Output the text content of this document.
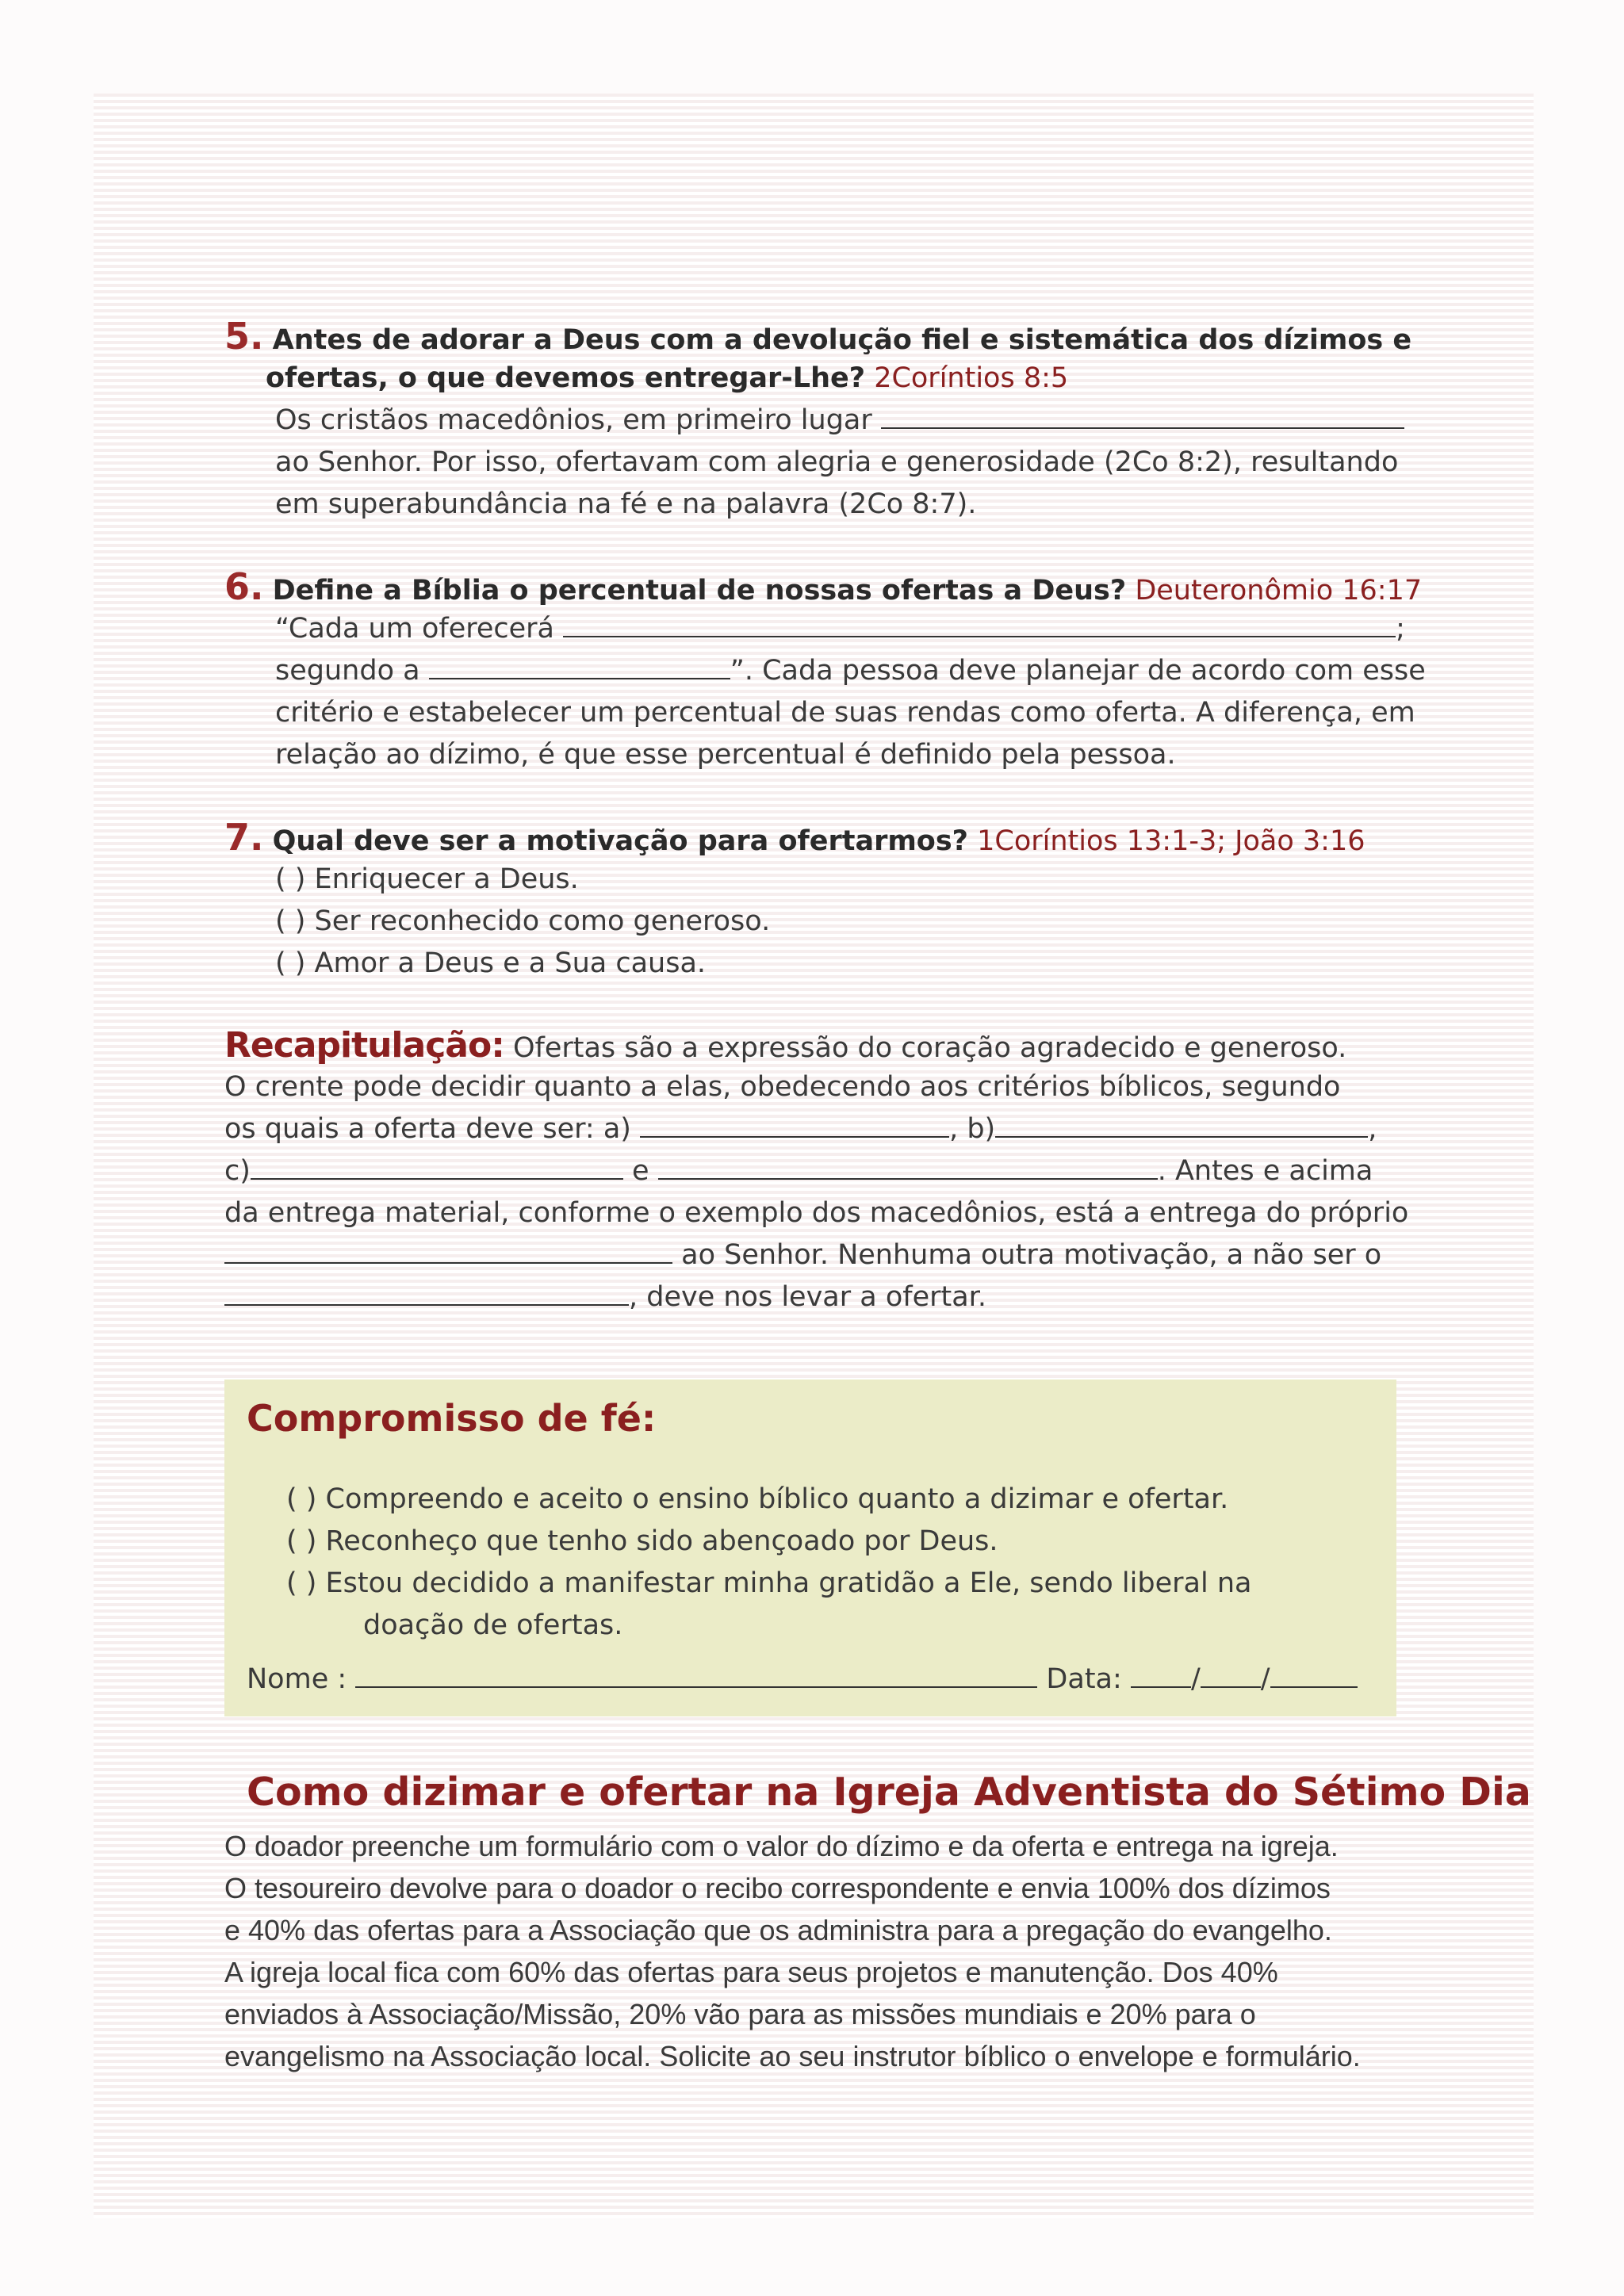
5. Antes de adorar a Deus com a devolução fiel e sistemática dos dízimos e
ofertas, o que devemos entregar-Lhe? 2Coríntios 8:5
Os cristãos macedônios, em primeiro lugar
ao Senhor. Por isso, ofertavam com alegria e generosidade (2Co 8:2), resultando
em superabundância na fé e na palavra (2Co 8:7).
6. Define a Bíblia o percentual de nossas ofertas a Deus? Deuteronômio 16:17
“Cada um oferecerá	;
segundo a	”. Cada pessoa deve planejar de acordo com esse
critério e estabelecer um percentual de suas rendas como oferta. A diferença, em
relação ao dízimo, é que esse percentual é definido pela pessoa.
7. Qual deve ser a motivação para ofertarmos? 1Coríntios 13:1-3; João 3:16
( ) Enriquecer a Deus.
( ) Ser reconhecido como generoso.
( ) Amor a Deus e a Sua causa.
Recapitulação: Ofertas são a expressão do coração agradecido e generoso.
O crente pode decidir quanto a elas, obedecendo aos critérios bíblicos, segundo
os quais a oferta deve ser: a)	, b)	,
c)	e	. Antes e acima
da entrega material, conforme o exemplo dos macedônios, está a entrega do próprio
ao Senhor. Nenhuma outra motivação, a não ser o
, deve nos levar a ofertar.
Compromisso de fé:
( ) Compreendo e aceito o ensino bíblico quanto a dizimar e ofertar.
( ) Reconheço que tenho sido abençoado por Deus.
( ) Estou decidido a manifestar minha gratidão a Ele, sendo liberal na
doação de ofertas.
Nome :	Data: / /
Como dizimar e ofertar na Igreja Adventista do Sétimo Dia
O doador preenche um formulário com o valor do dízimo e da oferta e entrega na igreja.
O tesoureiro devolve para o doador o recibo correspondente e envia 100% dos dízimos
e 40% das ofertas para a Associação que os administra para a pregação do evangelho.
A igreja local fica com 60% das ofertas para seus projetos e manutenção. Dos 40%
enviados à Associação/Missão, 20% vão para as missões mundiais e 20% para o
evangelismo na Associação local. Solicite ao seu instrutor bíblico o envelope e formulário.
